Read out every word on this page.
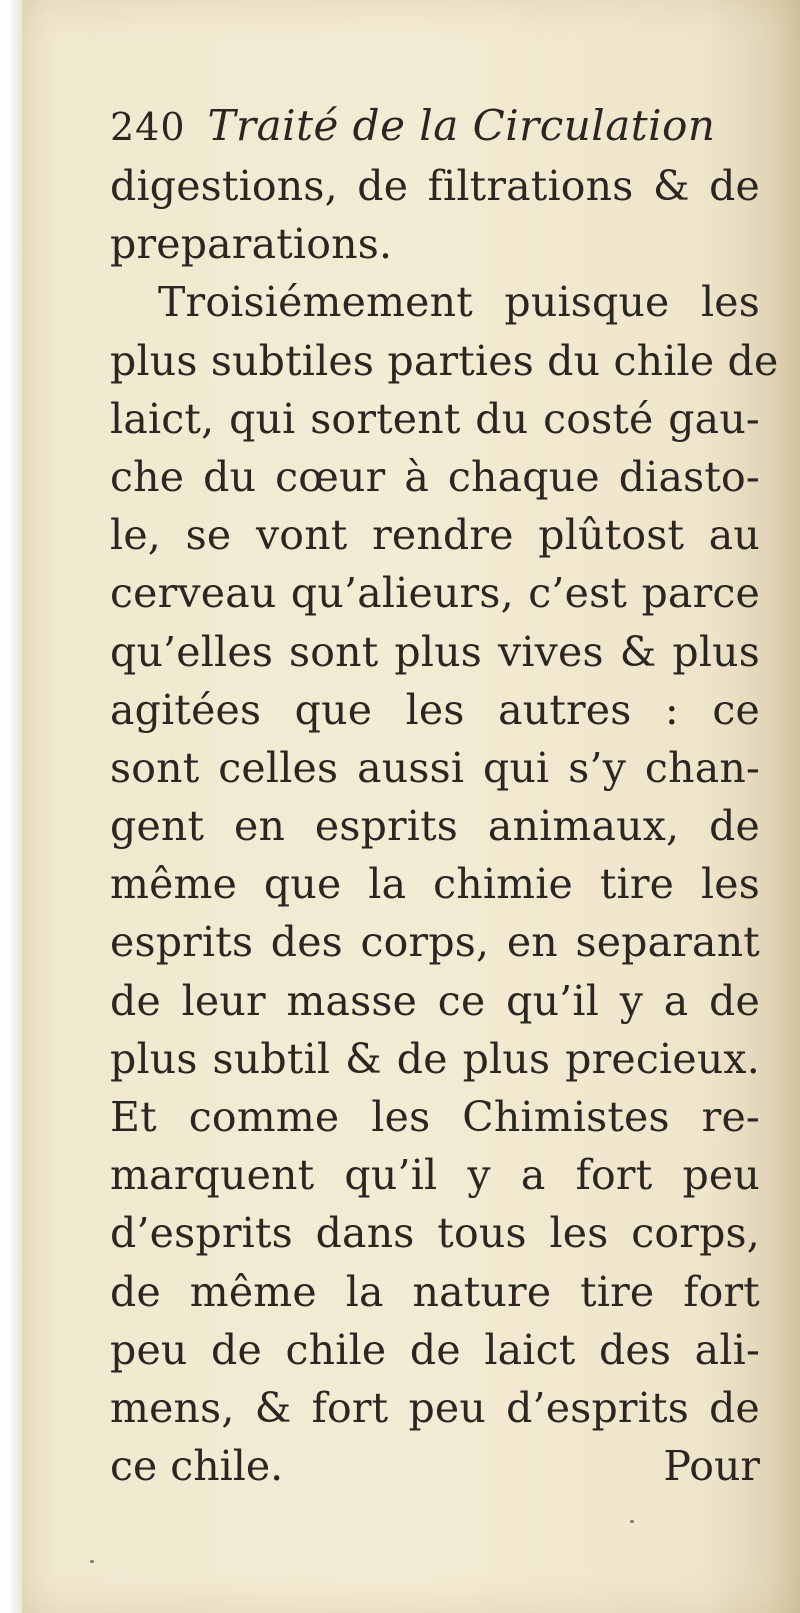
240 Traité de la Circulation
digestions, de filtrations & de
preparations.
Troisiémement puisque les
plus subtiles parties du chile de
laict, qui sortent du costé gau-
che du cœur à chaque diasto-
le, se vont rendre plûtost au
cerveau qu’alieurs, c’est parce
qu’elles sont plus vives & plus
agitées que les autres : ce
sont celles aussi qui s’y chan-
gent en esprits animaux, de
même que la chimie tire les
esprits des corps, en separant
de leur masse ce qu’il y a de
plus subtil & de plus precieux.
Et comme les Chimistes re-
marquent qu’il y a fort peu
d’esprits dans tous les corps,
de même la nature tire fort
peu de chile de laict des ali-
mens, & fort peu d’esprits de
ce chile.	Pour
